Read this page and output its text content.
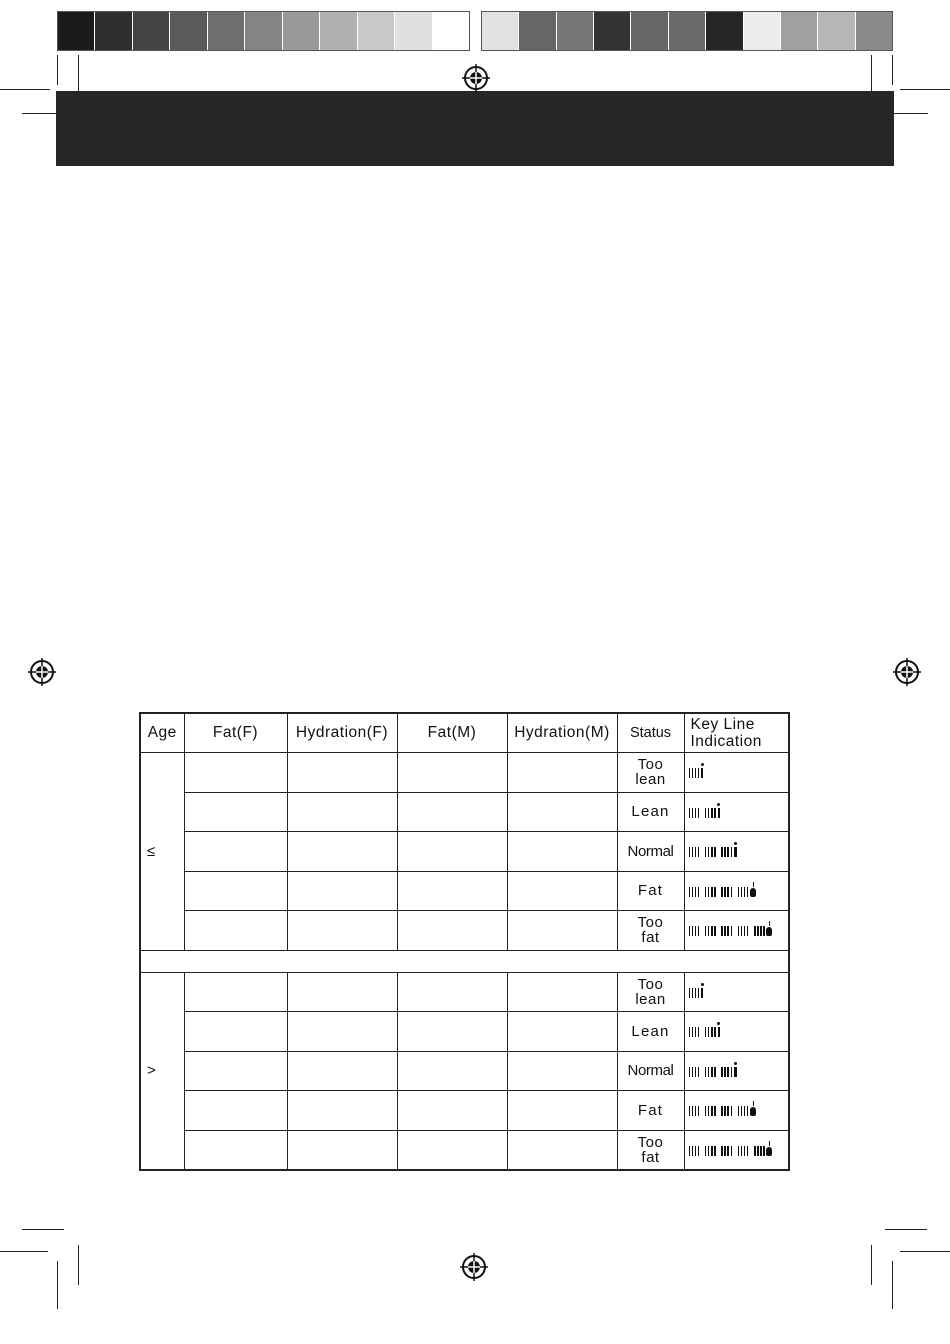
Age	Fat(F)	Hydration(F)	Fat(M)	Hydration(M)	Status	Key Line
Indication

≤					Too
lean	

					Lean	

					Normal	

					Fat	

					Too
fat	

>					Too
lean	

					Lean	

					Normal	

					Fat	

					Too
fat	
